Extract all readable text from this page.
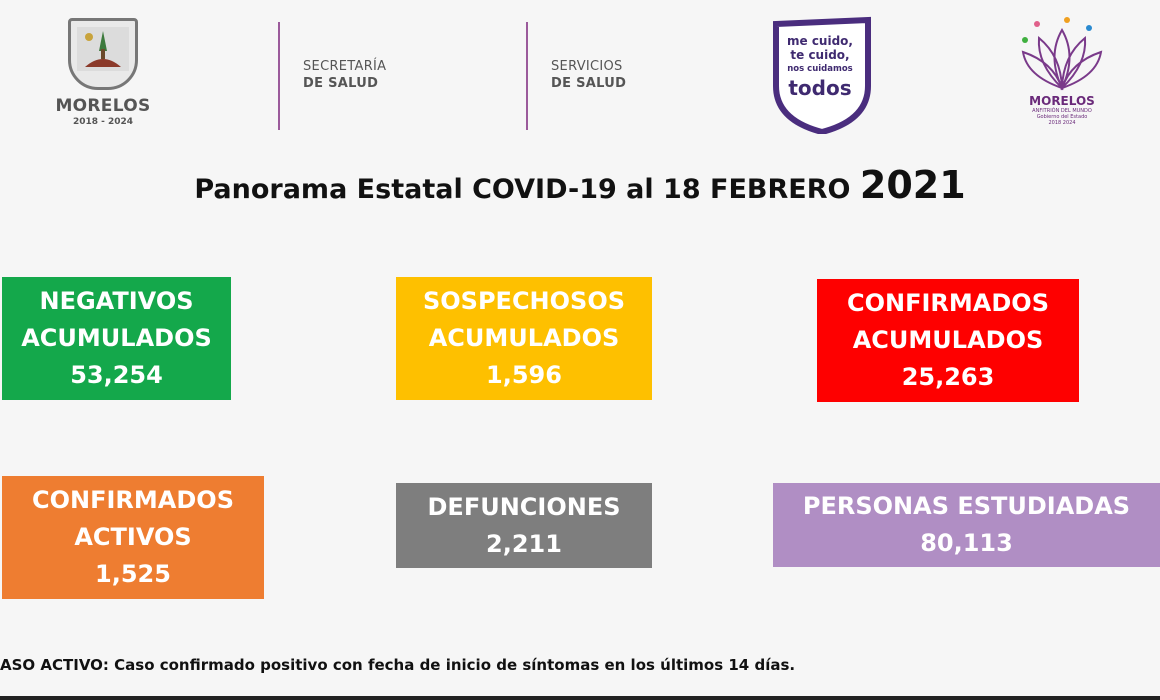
MORELOS
2018 - 2024
SECRETARÍA
DE SALUD
SERVICIOS
DE SALUD
me cuido,
te cuido,
nos cuidamos
todos
MORELOS
ANFITRIÓN DEL MUNDO
Gobierno del Estado
2018 2024
Panorama Estatal COVID-19 al 18 FEBRERO 2021
NEGATIVOS
ACUMULADOS
53,254
SOSPECHOSOS
ACUMULADOS
1,596
CONFIRMADOS
ACUMULADOS
25,263
CONFIRMADOS
ACTIVOS
1,525
DEFUNCIONES
2,211
PERSONAS ESTUDIADAS
80,113
ASO ACTIVO: Caso confirmado positivo con fecha de inicio de síntomas en los últimos 14 días.
